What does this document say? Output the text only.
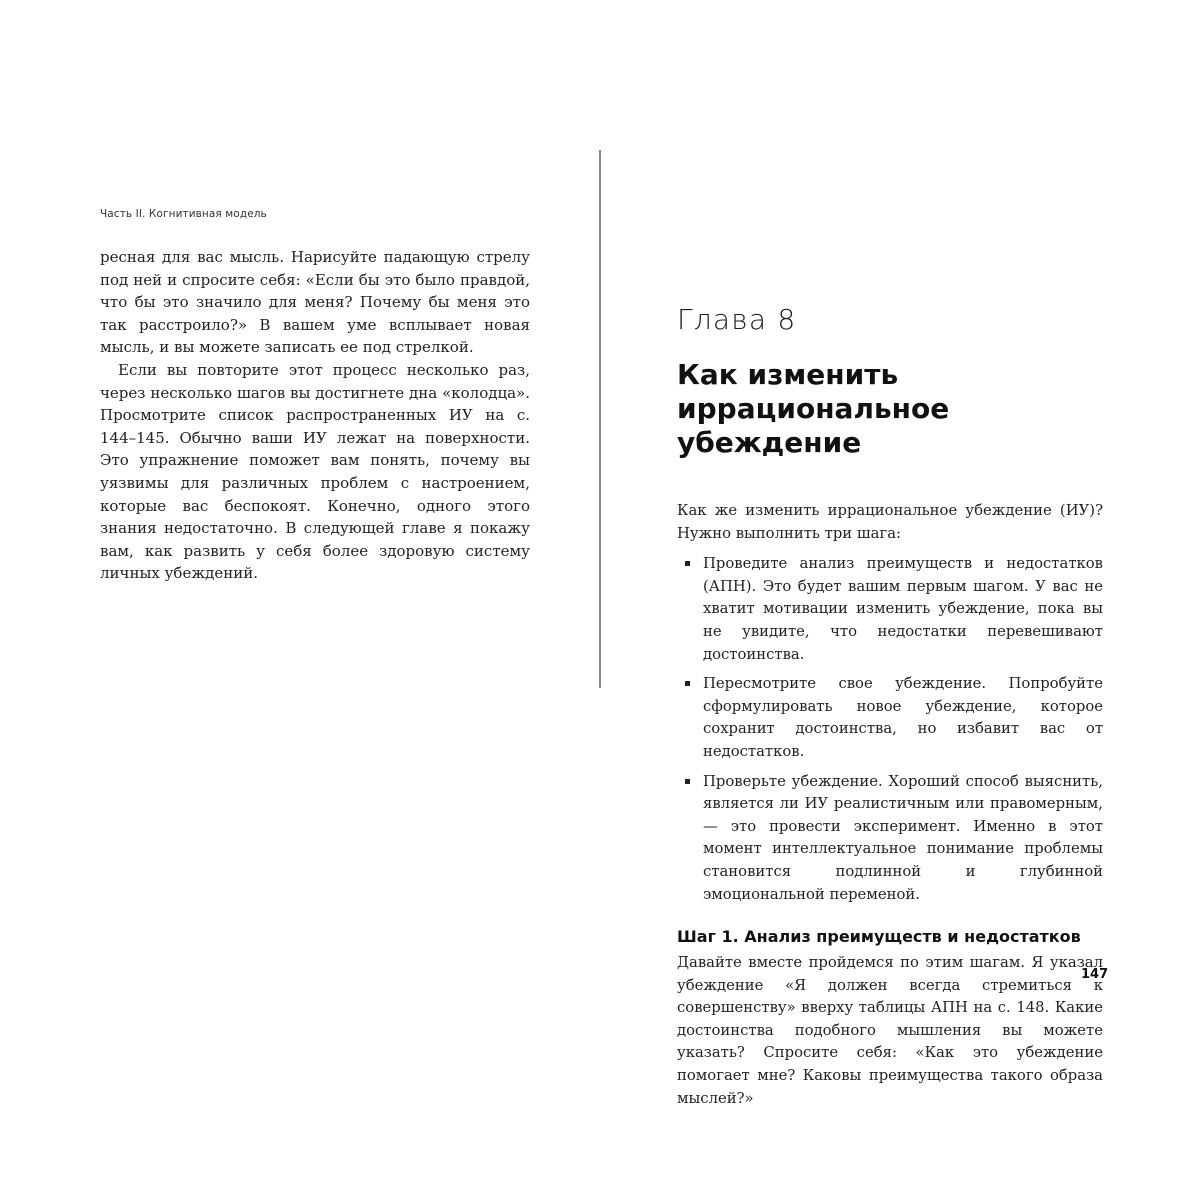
Часть II. Когнитивная модель

ресная для вас мысль. Нарисуйте падающую стрелу под ней и спросите себя: «Если бы это было правдой, что бы это значило для меня? Почему бы меня это так расстроило?» В вашем уме всплывает новая мысль, и вы можете записать ее под стрелкой.

Если вы повторите этот процесс несколько раз, через несколько шагов вы достигнете дна «колодца». Просмотрите список распространенных ИУ на с. 144–145. Обычно ваши ИУ лежат на поверхности. Это упражнение поможет вам понять, почему вы уязвимы для различных проблем с настроением, которые вас беспокоят. Конечно, одного этого знания недостаточно. В следующей главе я покажу вам, как развить у себя более здоровую систему личных убеждений.

Глава 8
Как изменить иррациональное убеждение

Как же изменить иррациональное убеждение (ИУ)? Нужно выполнить три шага:

Проведите анализ преимуществ и недостатков (АПН). Это будет вашим первым шагом. У вас не хватит мотивации изменить убеждение, пока вы не увидите, что недостатки перевешивают достоинства.

Пересмотрите свое убеждение. Попробуйте сформулировать новое убеждение, которое сохранит достоинства, но избавит вас от недостатков.

Проверьте убеждение. Хороший способ выяснить, является ли ИУ реалистичным или правомерным, — это провести эксперимент. Именно в этот момент интеллектуальное понимание проблемы становится подлинной и глубинной эмоциональной переменой.

Шаг 1. Анализ преимуществ и недостатков

Давайте вместе пройдемся по этим шагам. Я указал убеждение «Я должен всегда стремиться к совершенству» вверху таблицы АПН на с. 148. Какие достоинства подобного мышления вы можете указать? Спросите себя: «Как это убеждение помогает мне? Каковы преимущества такого образа мыслей?»

147
